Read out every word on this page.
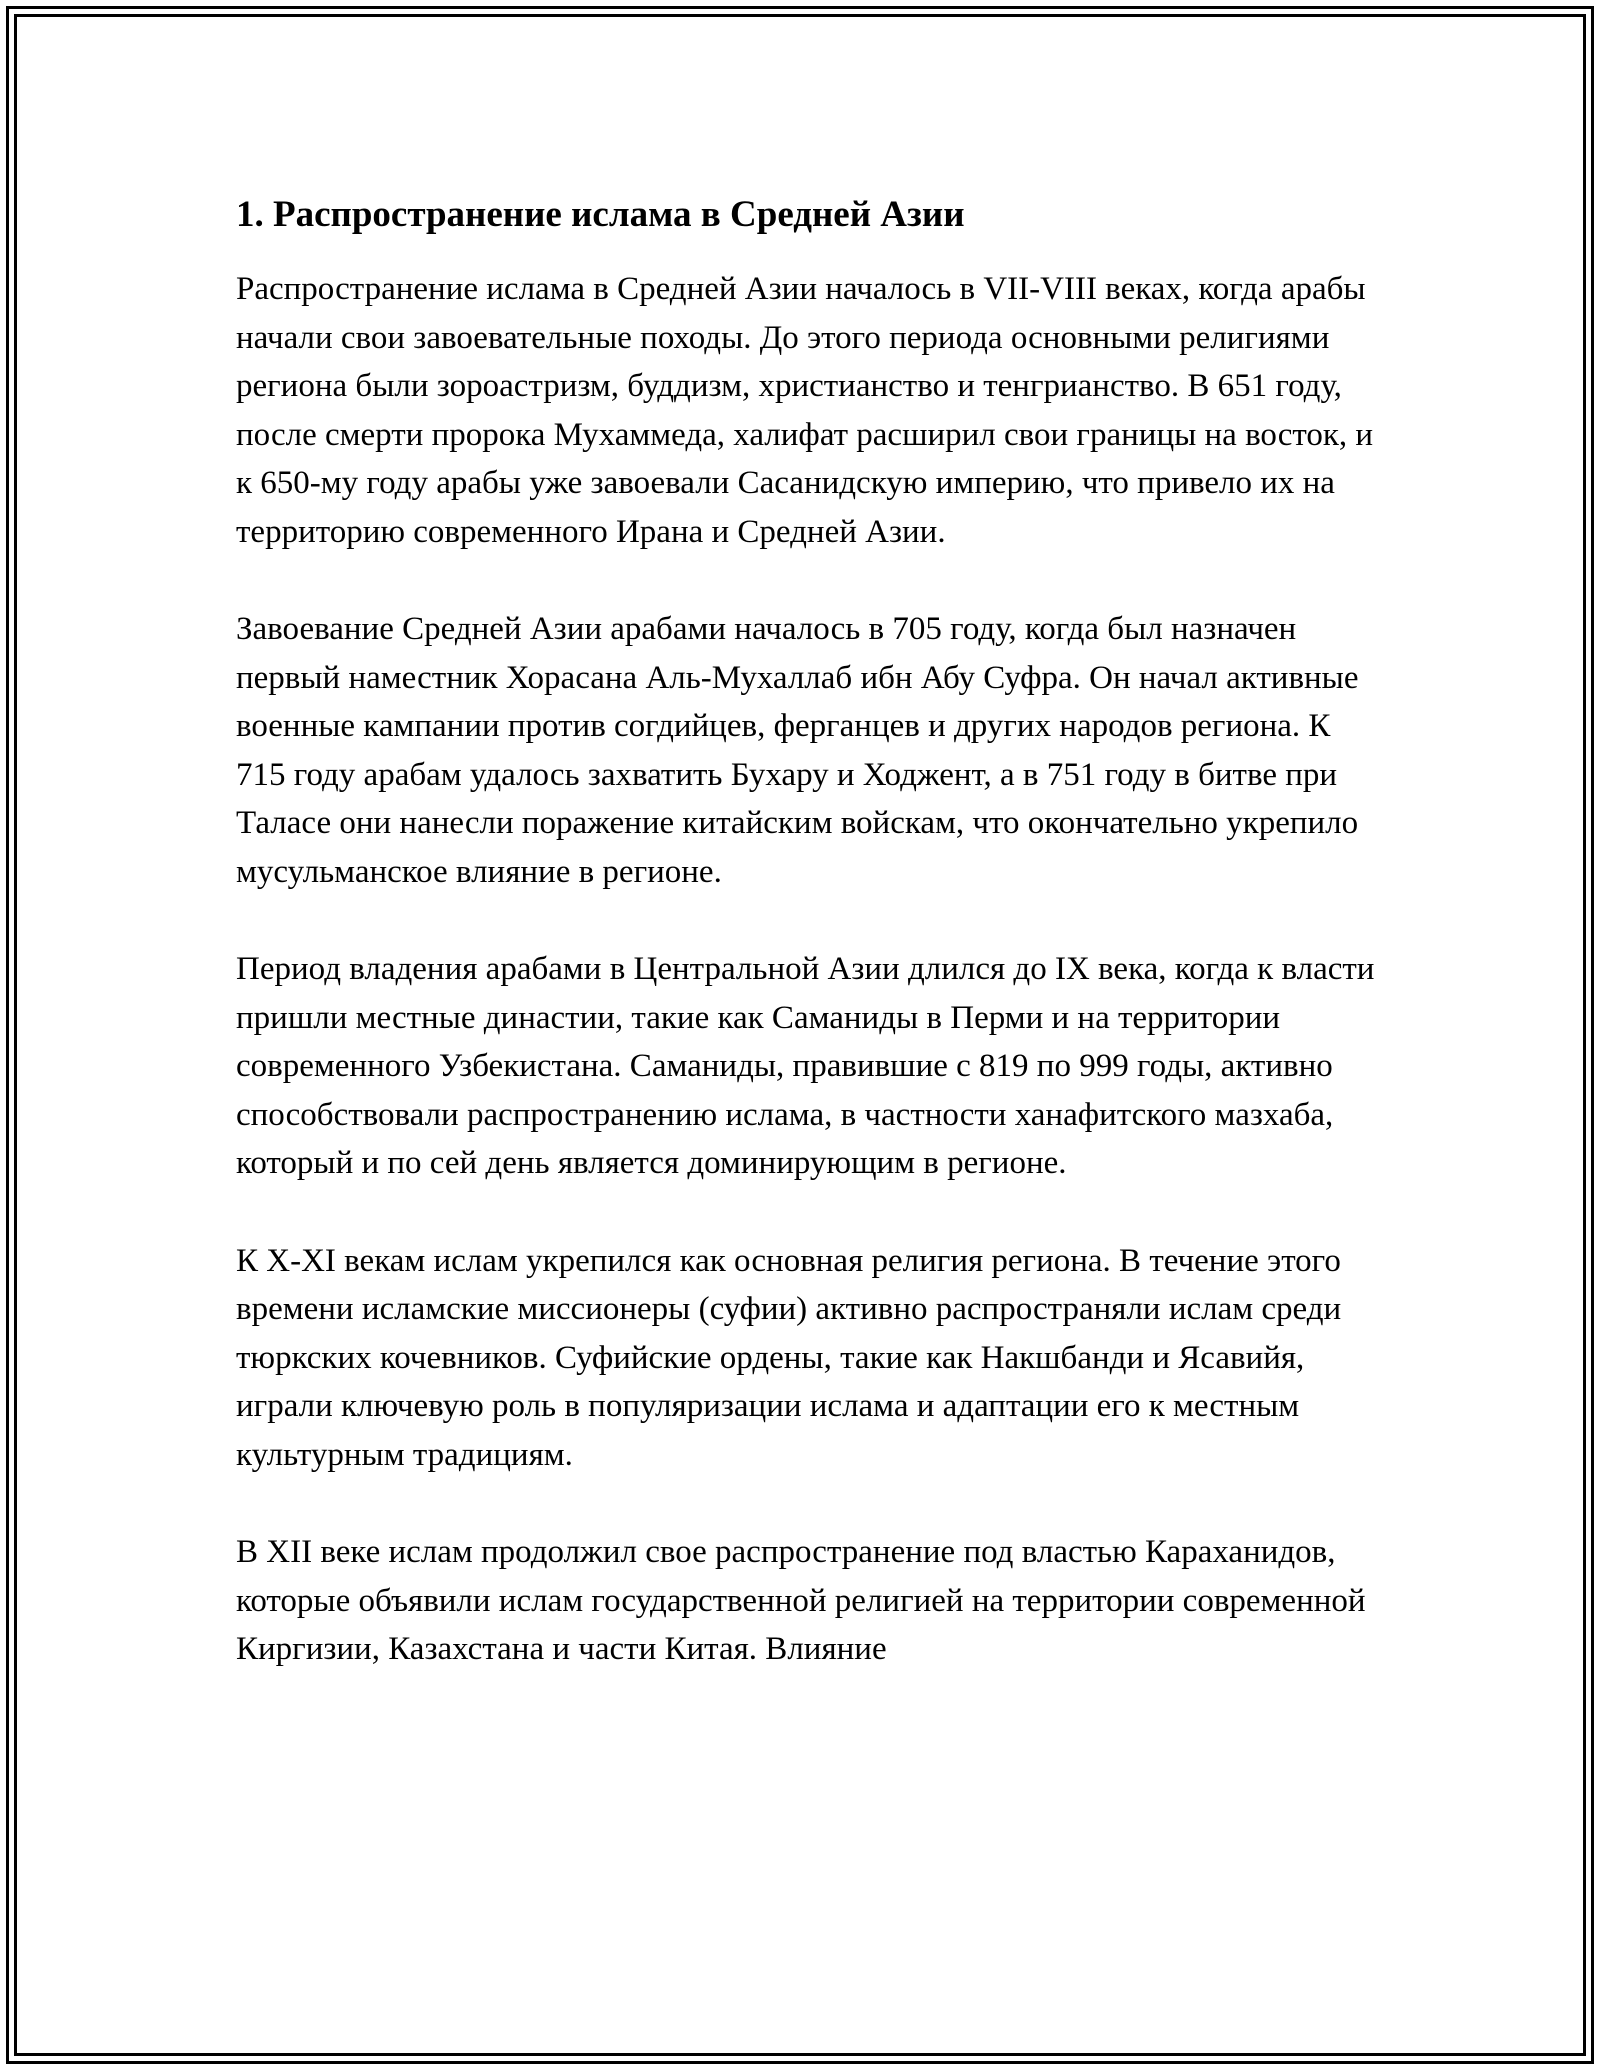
1. Распространение ислама в Средней Азии

Распространение ислама в Средней Азии началось в VII-VIII веках, когда арабы начали свои завоевательные походы. До этого периода основными религиями региона были зороастризм, буддизм, христианство и тенгрианство. В 651 году, после смерти пророка Мухаммеда, халифат расширил свои границы на восток, и к 650-му году арабы уже завоевали Сасанидскую империю, что привело их на территорию современного Ирана и Средней Азии.

Завоевание Средней Азии арабами началось в 705 году, когда был назначен первый наместник Хорасана Аль-Мухаллаб ибн Абу Суфра. Он начал активные военные кампании против согдийцев, ферганцев и других народов региона. К 715 году арабам удалось захватить Бухару и Ходжент, а в 751 году в битве при Таласе они нанесли поражение китайским войскам, что окончательно укрепило мусульманское влияние в регионе.

Период владения арабами в Центральной Азии длился до IX века, когда к власти пришли местные династии, такие как Саманиды в Перми и на территории современного Узбекистана. Саманиды, правившие с 819 по 999 годы, активно способствовали распространению ислама, в частности ханафитского мазхаба, который и по сей день является доминирующим в регионе.

К X-XI векам ислам укрепился как основная религия региона. В течение этого времени исламские миссионеры (суфии) активно распространяли ислам среди тюркских кочевников. Суфийские ордены, такие как Накшбанди и Ясавийя, играли ключевую роль в популяризации ислама и адаптации его к местным культурным традициям.

В XII веке ислам продолжил свое распространение под властью Караханидов, которые объявили ислам государственной религией на территории современной Киргизии, Казахстана и части Китая. Влияние
